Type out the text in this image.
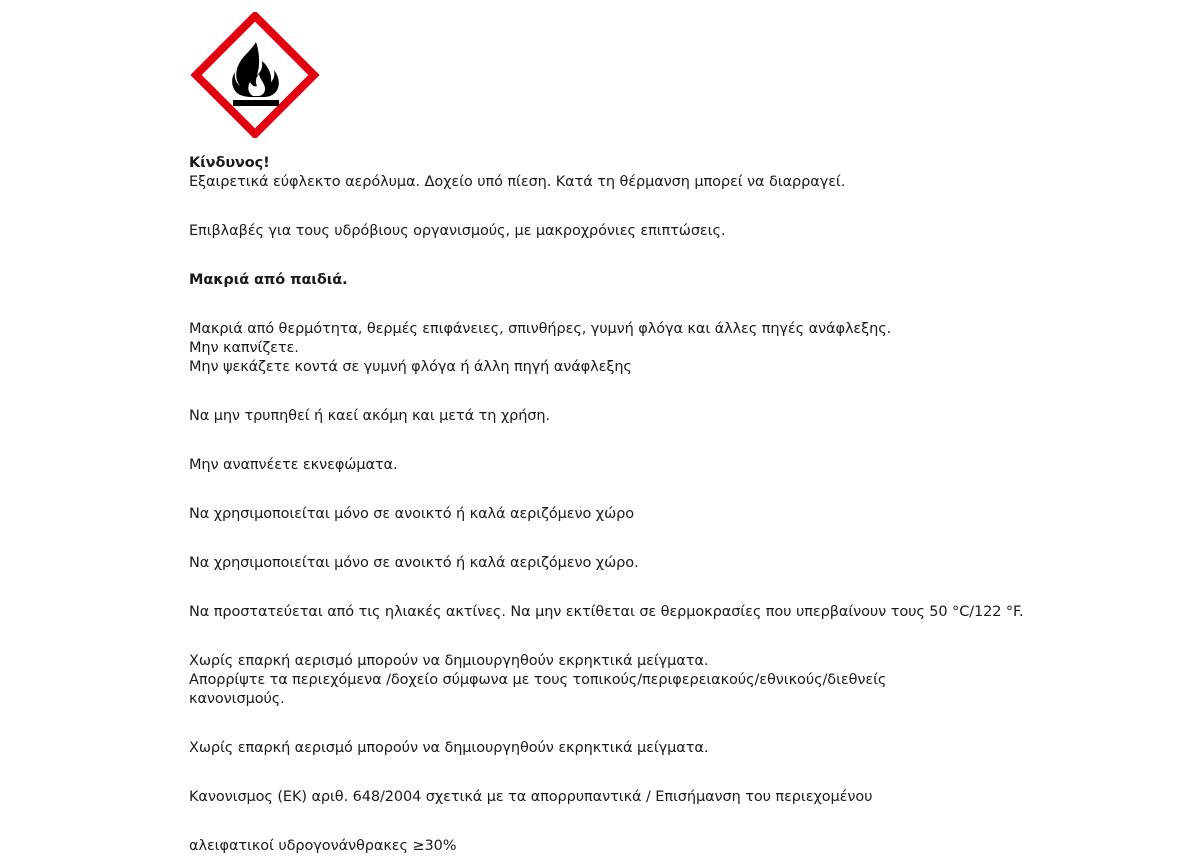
Κίνδυνος!

Εξαιρετικά εύφλεκτο αερόλυμα. Δοχείο υπό πίεση. Κατά τη θέρμανση μπορεί να διαρραγεί.

Επιβλαβές για τους υδρόβιους οργανισμούς, με μακροχρόνιες επιπτώσεις.

Μακριά από παιδιά.

Μακριά από θερμότητα, θερμές επιφάνειες, σπινθήρες, γυμνή φλόγα και άλλες πηγές ανάφλεξης.

Μην καπνίζετε.

Μην ψεκάζετε κοντά σε γυμνή φλόγα ή άλλη πηγή ανάφλεξης

Να μην τρυπηθεί ή καεί ακόμη και μετά τη χρήση.

Μην αναπνέετε εκνεφώματα.

Να χρησιμοποιείται μόνο σε ανοικτό ή καλά αεριζόμενο χώρο

Να χρησιμοποιείται μόνο σε ανοικτό ή καλά αεριζόμενο χώρο.

Να προστατεύεται από τις ηλιακές ακτίνες. Να μην εκτίθεται σε θερμοκρασίες που υπερβαίνουν τους 50 °C/122 °F.

Χωρίς επαρκή αερισμό μπορούν να δημιουργηθούν εκρηκτικά μείγματα.

Απορρίψτε τα περιεχόμενα /δοχείο σύμφωνα με τους τοπικούς/περιφερειακούς/εθνικούς/διεθνείς κανονισμούς.

Χωρίς επαρκή αερισμό μπορούν να δημιουργηθούν εκρηκτικά μείγματα.

Κανονισμος (ΕΚ) αριθ. 648/2004 σχετικά με τα απορρυπαντικά / Επισήμανση του περιεχομένου

αλειφατικοί υδρογονάνθρακες ≥30%
